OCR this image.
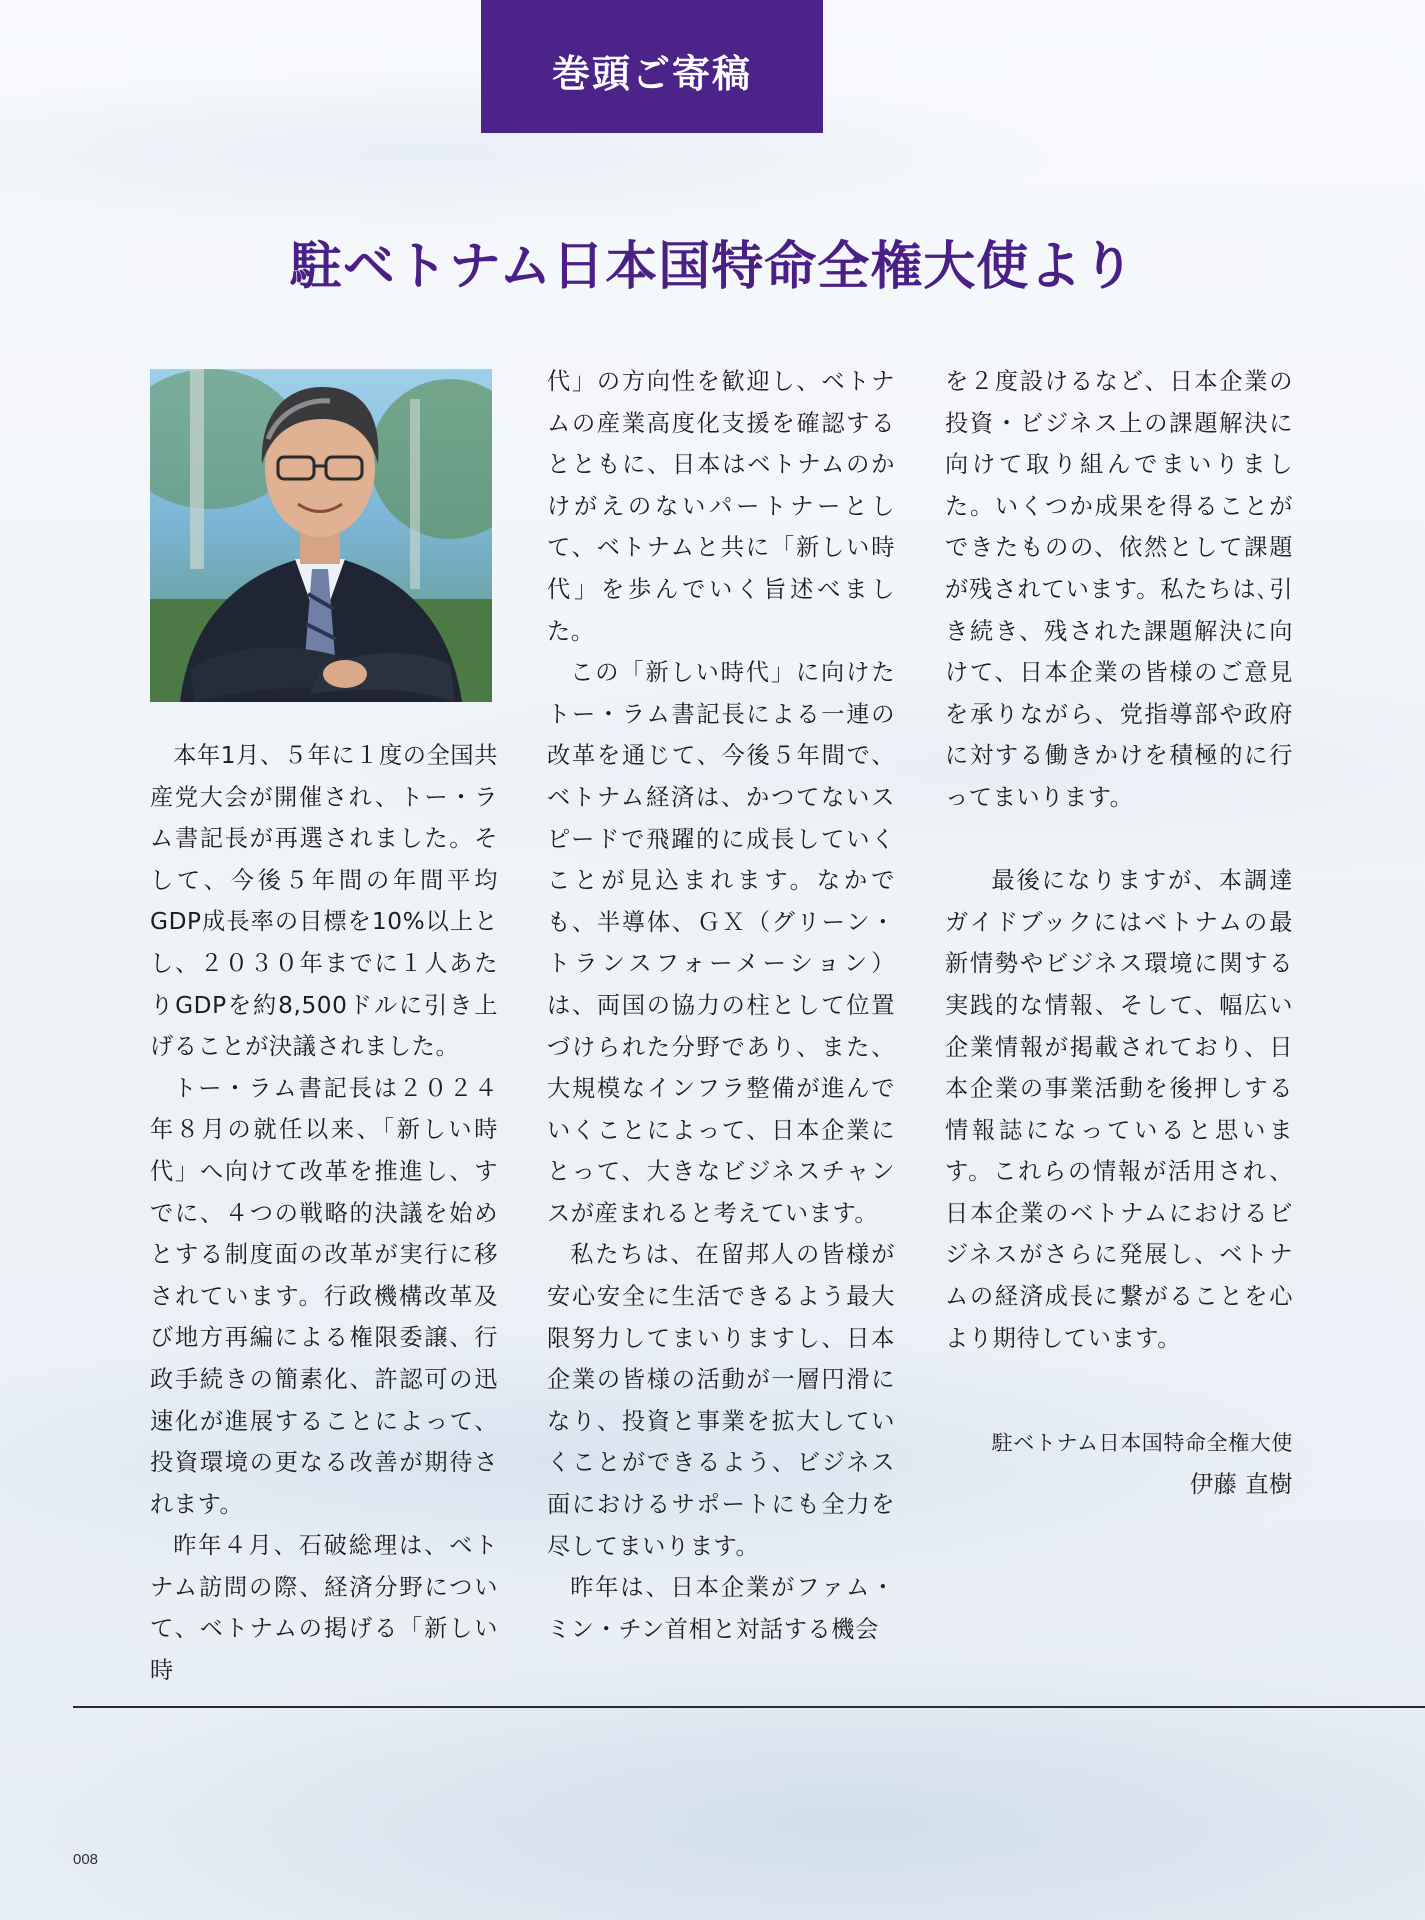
巻頭ご寄稿
駐ベトナム日本国特命全権大使より

本年1月、５年に１度の全国共産党大会が開催され、トー・ラム書記長が再選されました。そして、今後５年間の年間平均GDP成長率の目標を10%以上とし、２０３０年までに１人あたりGDPを約8,500ドルに引き上げることが決議されました。

トー・ラム書記長は２０２４年８月の就任以来、「新しい時代」へ向けて改革を推進し、すでに、４つの戦略的決議を始めとする制度面の改革が実行に移されています。行政機構改革及び地方再編による権限委譲、行政手続きの簡素化、許認可の迅速化が進展することによって、投資環境の更なる改善が期待されます。

昨年４月、石破総理は、ベトナム訪問の際、経済分野について、ベトナムの掲げる「新しい時

代」の方向性を歓迎し、ベトナムの産業高度化支援を確認するとともに、日本はベトナムのかけがえのないパートナーとして、ベトナムと共に「新しい時代」を歩んでいく旨述べました。

この「新しい時代」に向けたトー・ラム書記長による一連の改革を通じて、今後５年間で、ベトナム経済は、かつてないスピードで飛躍的に成長していくことが見込まれます。なかでも、半導体、ＧＸ（グリーン・トランスフォーメーション）は、両国の協力の柱として位置づけられた分野であり、また、大規模なインフラ整備が進んでいくことによって、日本企業にとって、大きなビジネスチャンスが産まれると考えています。

私たちは、在留邦人の皆様が安心安全に生活できるよう最大限努力してまいりますし、日本企業の皆様の活動が一層円滑になり、投資と事業を拡大していくことができるよう、ビジネス面におけるサポートにも全力を尽してまいります。

昨年は、日本企業がファム・ミン・チン首相と対話する機会

を２度設けるなど、日本企業の投資・ビジネス上の課題解決に向けて取り組んでまいりました。いくつか成果を得ることができたものの、依然として課題が残されています。私たちは､引き続き、残された課題解決に向けて、日本企業の皆様のご意見を承りながら、党指導部や政府に対する働きかけを積極的に行ってまいります。

最後になりますが、本調達ガイドブックにはベトナムの最新情勢やビジネス環境に関する実践的な情報、そして、幅広い企業情報が掲載されており、日本企業の事業活動を後押しする情報誌になっていると思います。これらの情報が活用され、日本企業のベトナムにおけるビジネスがさらに発展し、ベトナムの経済成長に繋がることを心より期待しています。

駐ベトナム日本国特命全権大使
伊藤 直樹
008
